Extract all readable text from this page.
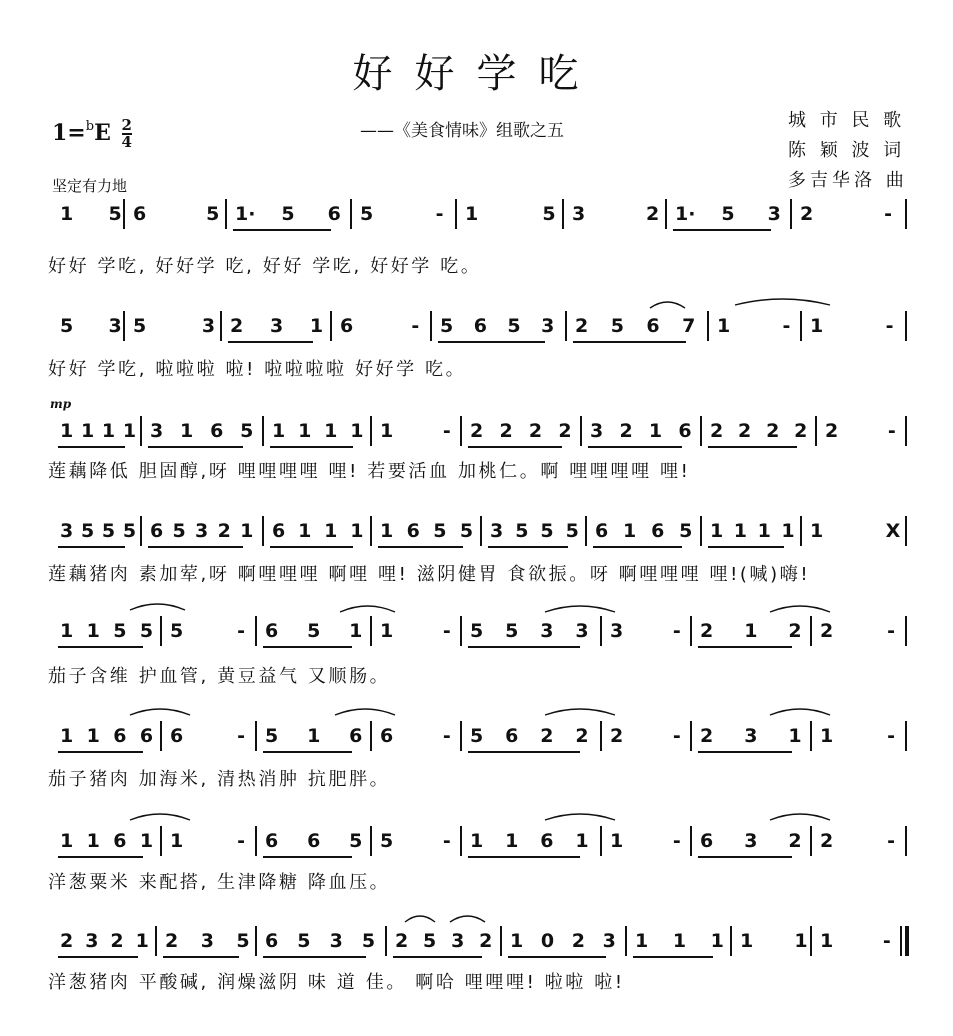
好好学吃
——《美食情味》组歌之五	城 市 民 歌
陈 颖 波 词
多吉华洛 曲
$1=^bE \frac{2}{4}$
坚定有力地
mp
1 5 6	5 1· 5 6 5	- 1	5 3	2 1· 5 3 2	-
好好 学吃, 好好学 吃, 好好 学吃, 好好学 吃。
5 3 5	3 2 3 1 6	- 5 6 5 3 2 5 6 7 1	- 1	-
好好 学吃, 啦啦啦 啦! 啦啦啦啦 好好学 吃。
1 1 1 1 3 1 6 5 1 1 1 1 1	- 2 2 2 2 3 2 1 6 2 2 2 2 2	-
莲藕降低 胆固醇,呀 哩哩哩哩 哩! 若要活血 加桃仁。啊 哩哩哩哩 哩!
3 5 5 5 6 5 3 2 1 6 1 1 1 1 6 5 5 3 5 5 5 6 1 6 5 1 1 1 1 1	X
莲藕猪肉 素加荤,呀 啊哩哩哩 啊哩 哩! 滋阴健胃 食欲振。呀 啊哩哩哩 哩!(喊)嗨!
1 1 5 5 5	- 6 5 1 1	- 5 5 3 3 3	- 2 1 2 2	-
茄子含维 护血管, 黄豆益气 又顺肠。
1 1 6 6 6	- 5 1 6 6	- 5 6 2 2 2	- 2 3 1 1	-
茄子猪肉 加海米, 清热消肿 抗肥胖。
1 1 6 1 1	- 6 6 5 5	- 1 1 6 1 1	- 6 3 2 2	-
洋葱粟米 来配搭, 生津降糖 降血压。
2 3 2 1 2 3 5 6 5 3 5 2 5 3 2 1 0 2 3 1 1 1 1 1 1	-
洋葱猪肉 平酸碱, 润燥滋阴 味 道 佳。 啊哈 哩哩哩! 啦啦 啦!
